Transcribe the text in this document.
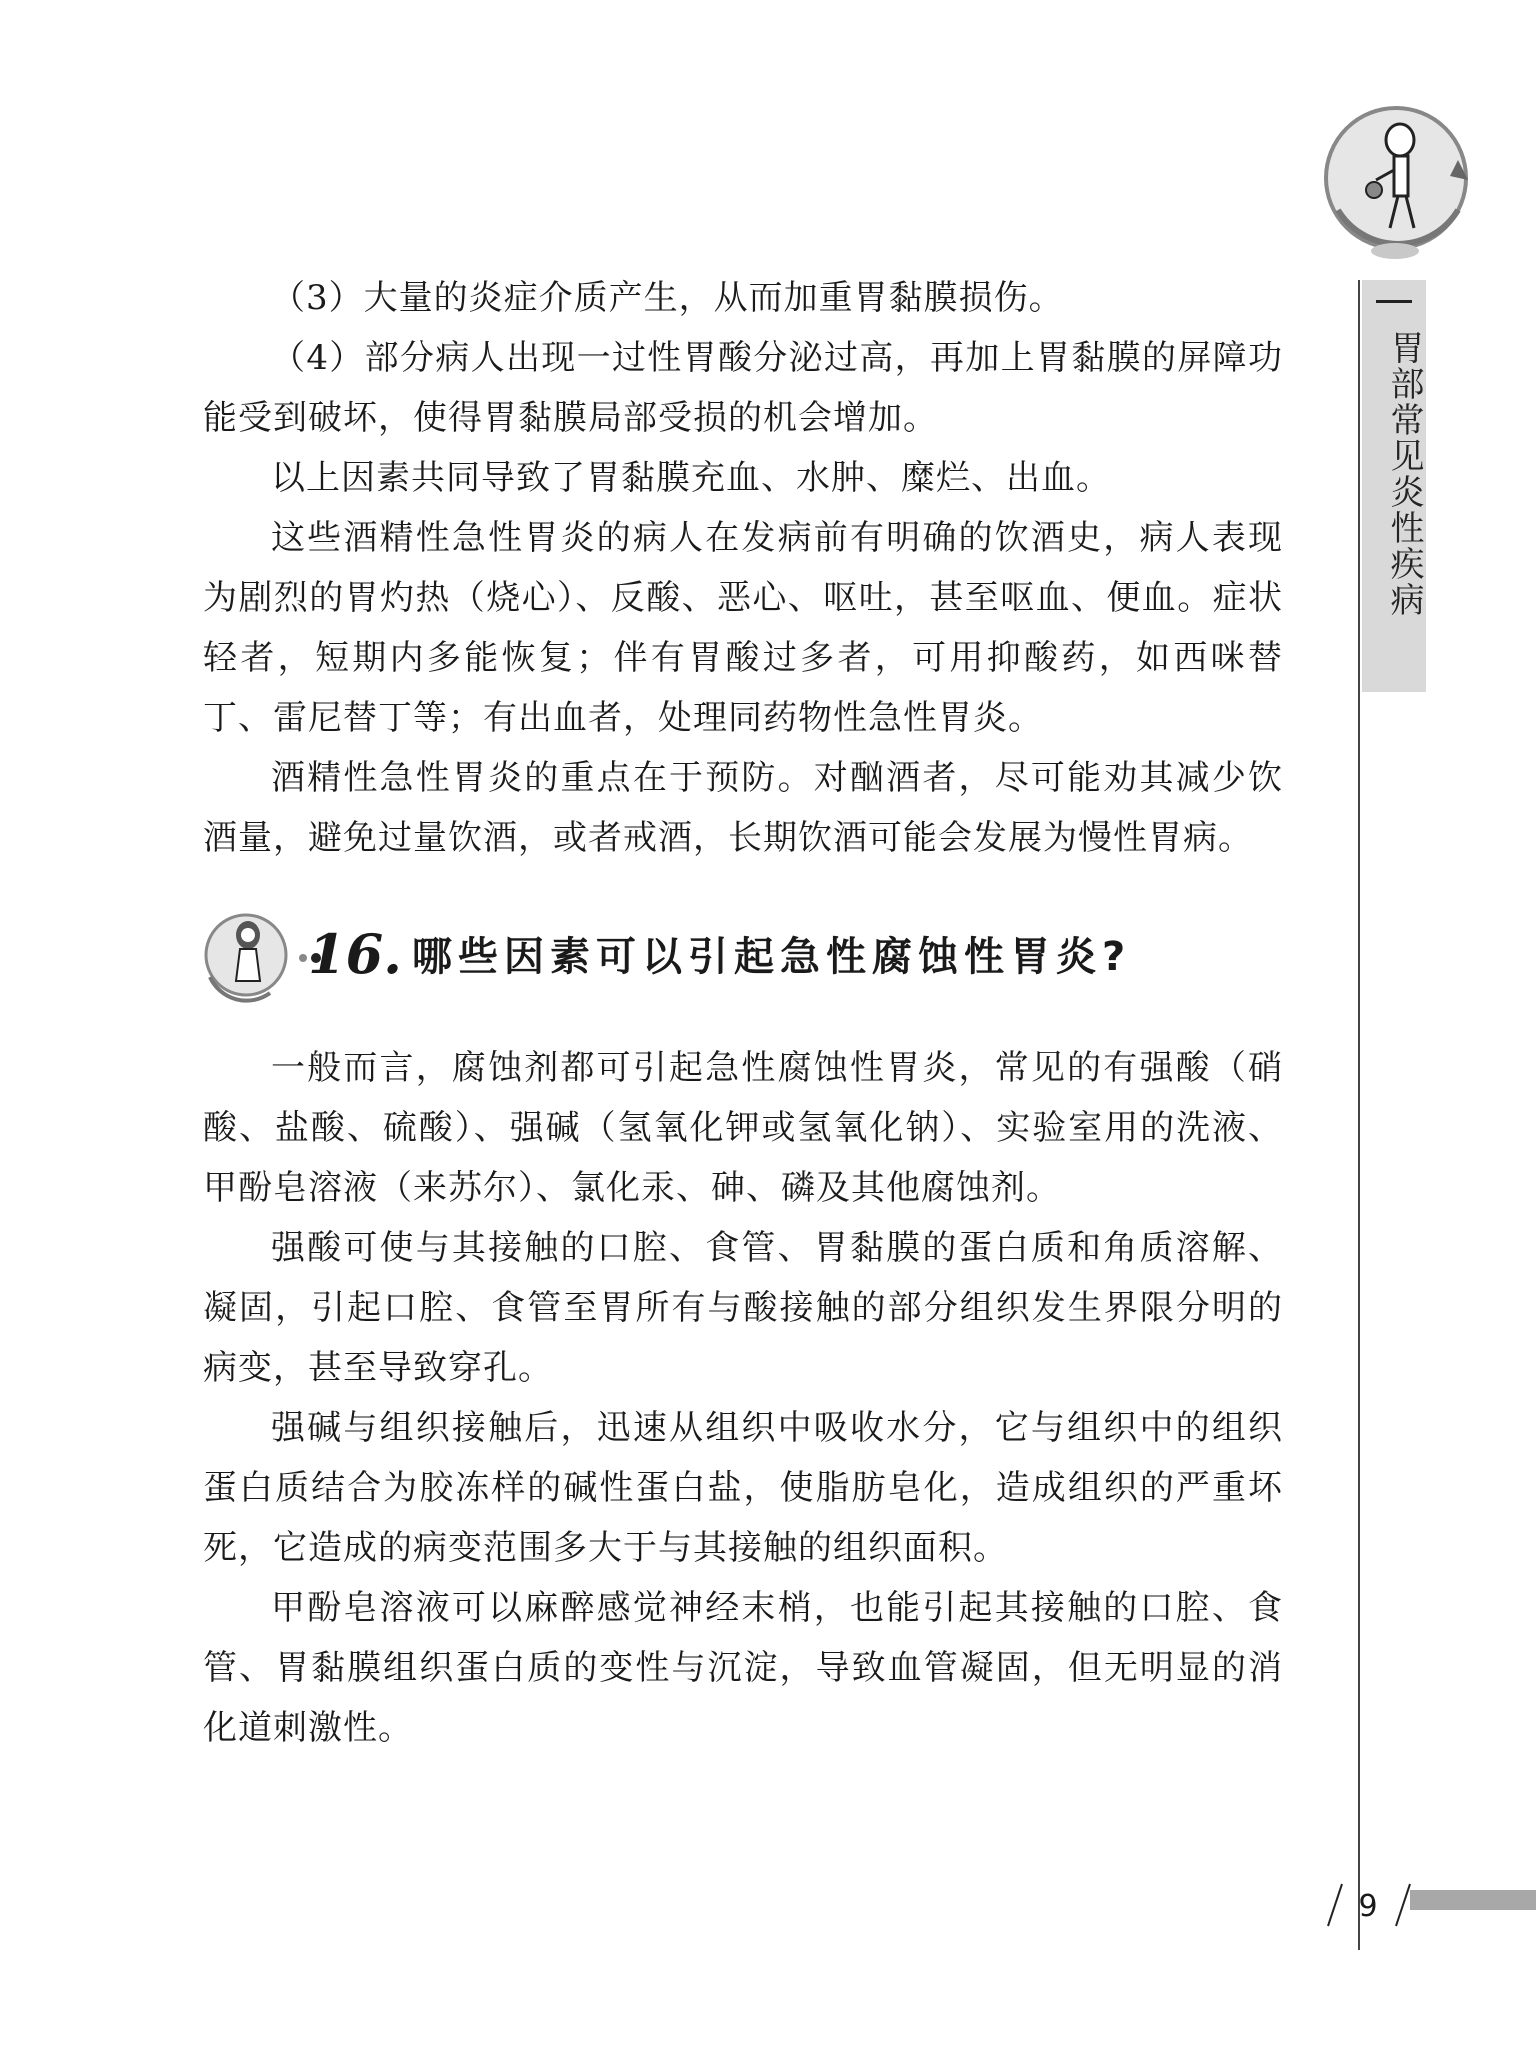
胃部常见炎性疾病

（3）大量的炎症介质产生，从而加重胃黏膜损伤。

（4）部分病人出现一过性胃酸分泌过高，再加上胃黏膜的屏障功能受到破坏，使得胃黏膜局部受损的机会增加。

以上因素共同导致了胃黏膜充血、水肿、糜烂、出血。

这些酒精性急性胃炎的病人在发病前有明确的饮酒史，病人表现为剧烈的胃灼热（烧心）、反酸、恶心、呕吐，甚至呕血、便血。症状轻者，短期内多能恢复；伴有胃酸过多者，可用抑酸药，如西咪替丁、雷尼替丁等；有出血者，处理同药物性急性胃炎。

酒精性急性胃炎的重点在于预防。对酗酒者，尽可能劝其减少饮酒量，避免过量饮酒，或者戒酒，长期饮酒可能会发展为慢性胃病。

16. 哪些因素可以引起急性腐蚀性胃炎?

一般而言，腐蚀剂都可引起急性腐蚀性胃炎，常见的有强酸（硝酸、盐酸、硫酸）、强碱（氢氧化钾或氢氧化钠）、实验室用的洗液、甲酚皂溶液（来苏尔）、氯化汞、砷、磷及其他腐蚀剂。

强酸可使与其接触的口腔、食管、胃黏膜的蛋白质和角质溶解、凝固，引起口腔、食管至胃所有与酸接触的部分组织发生界限分明的病变，甚至导致穿孔。

强碱与组织接触后，迅速从组织中吸收水分，它与组织中的组织蛋白质结合为胶冻样的碱性蛋白盐，使脂肪皂化，造成组织的严重坏死，它造成的病变范围多大于与其接触的组织面积。

甲酚皂溶液可以麻醉感觉神经末梢，也能引起其接触的口腔、食管、胃黏膜组织蛋白质的变性与沉淀，导致血管凝固，但无明显的消化道刺激性。

9
